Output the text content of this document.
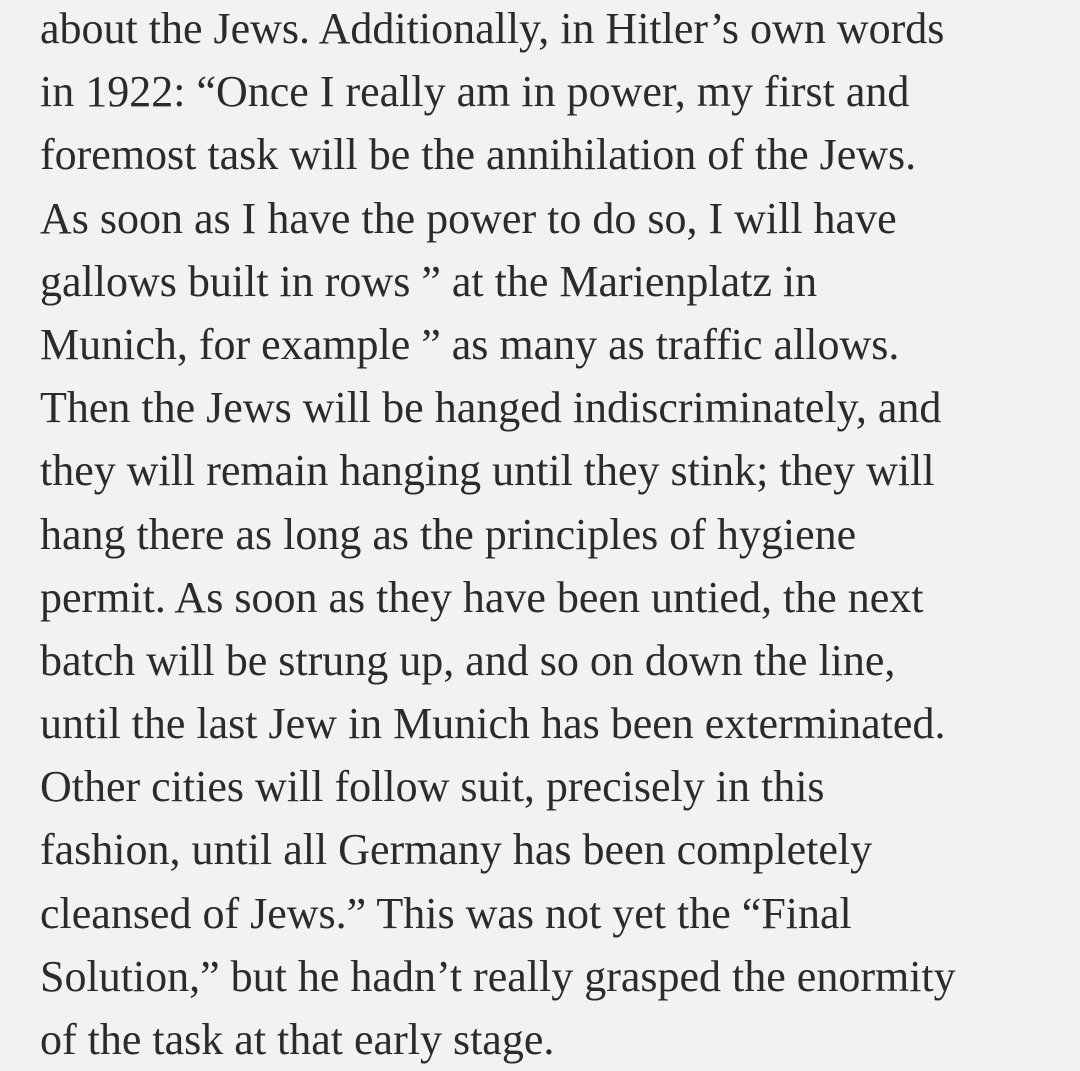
about the Jews. Additionally, in Hitler’s own words
in 1922: “Once I really am in power, my first and
foremost task will be the annihilation of the Jews.
As soon as I have the power to do so, I will have
gallows built in rows ” at the Marienplatz in
Munich, for example ” as many as traffic allows.
Then the Jews will be hanged indiscriminately, and
they will remain hanging until they stink; they will
hang there as long as the principles of hygiene
permit. As soon as they have been untied, the next
batch will be strung up, and so on down the line,
until the last Jew in Munich has been exterminated.
Other cities will follow suit, precisely in this
fashion, until all Germany has been completely
cleansed of Jews.” This was not yet the “Final
Solution,” but he hadn’t really grasped the enormity
of the task at that early stage.
